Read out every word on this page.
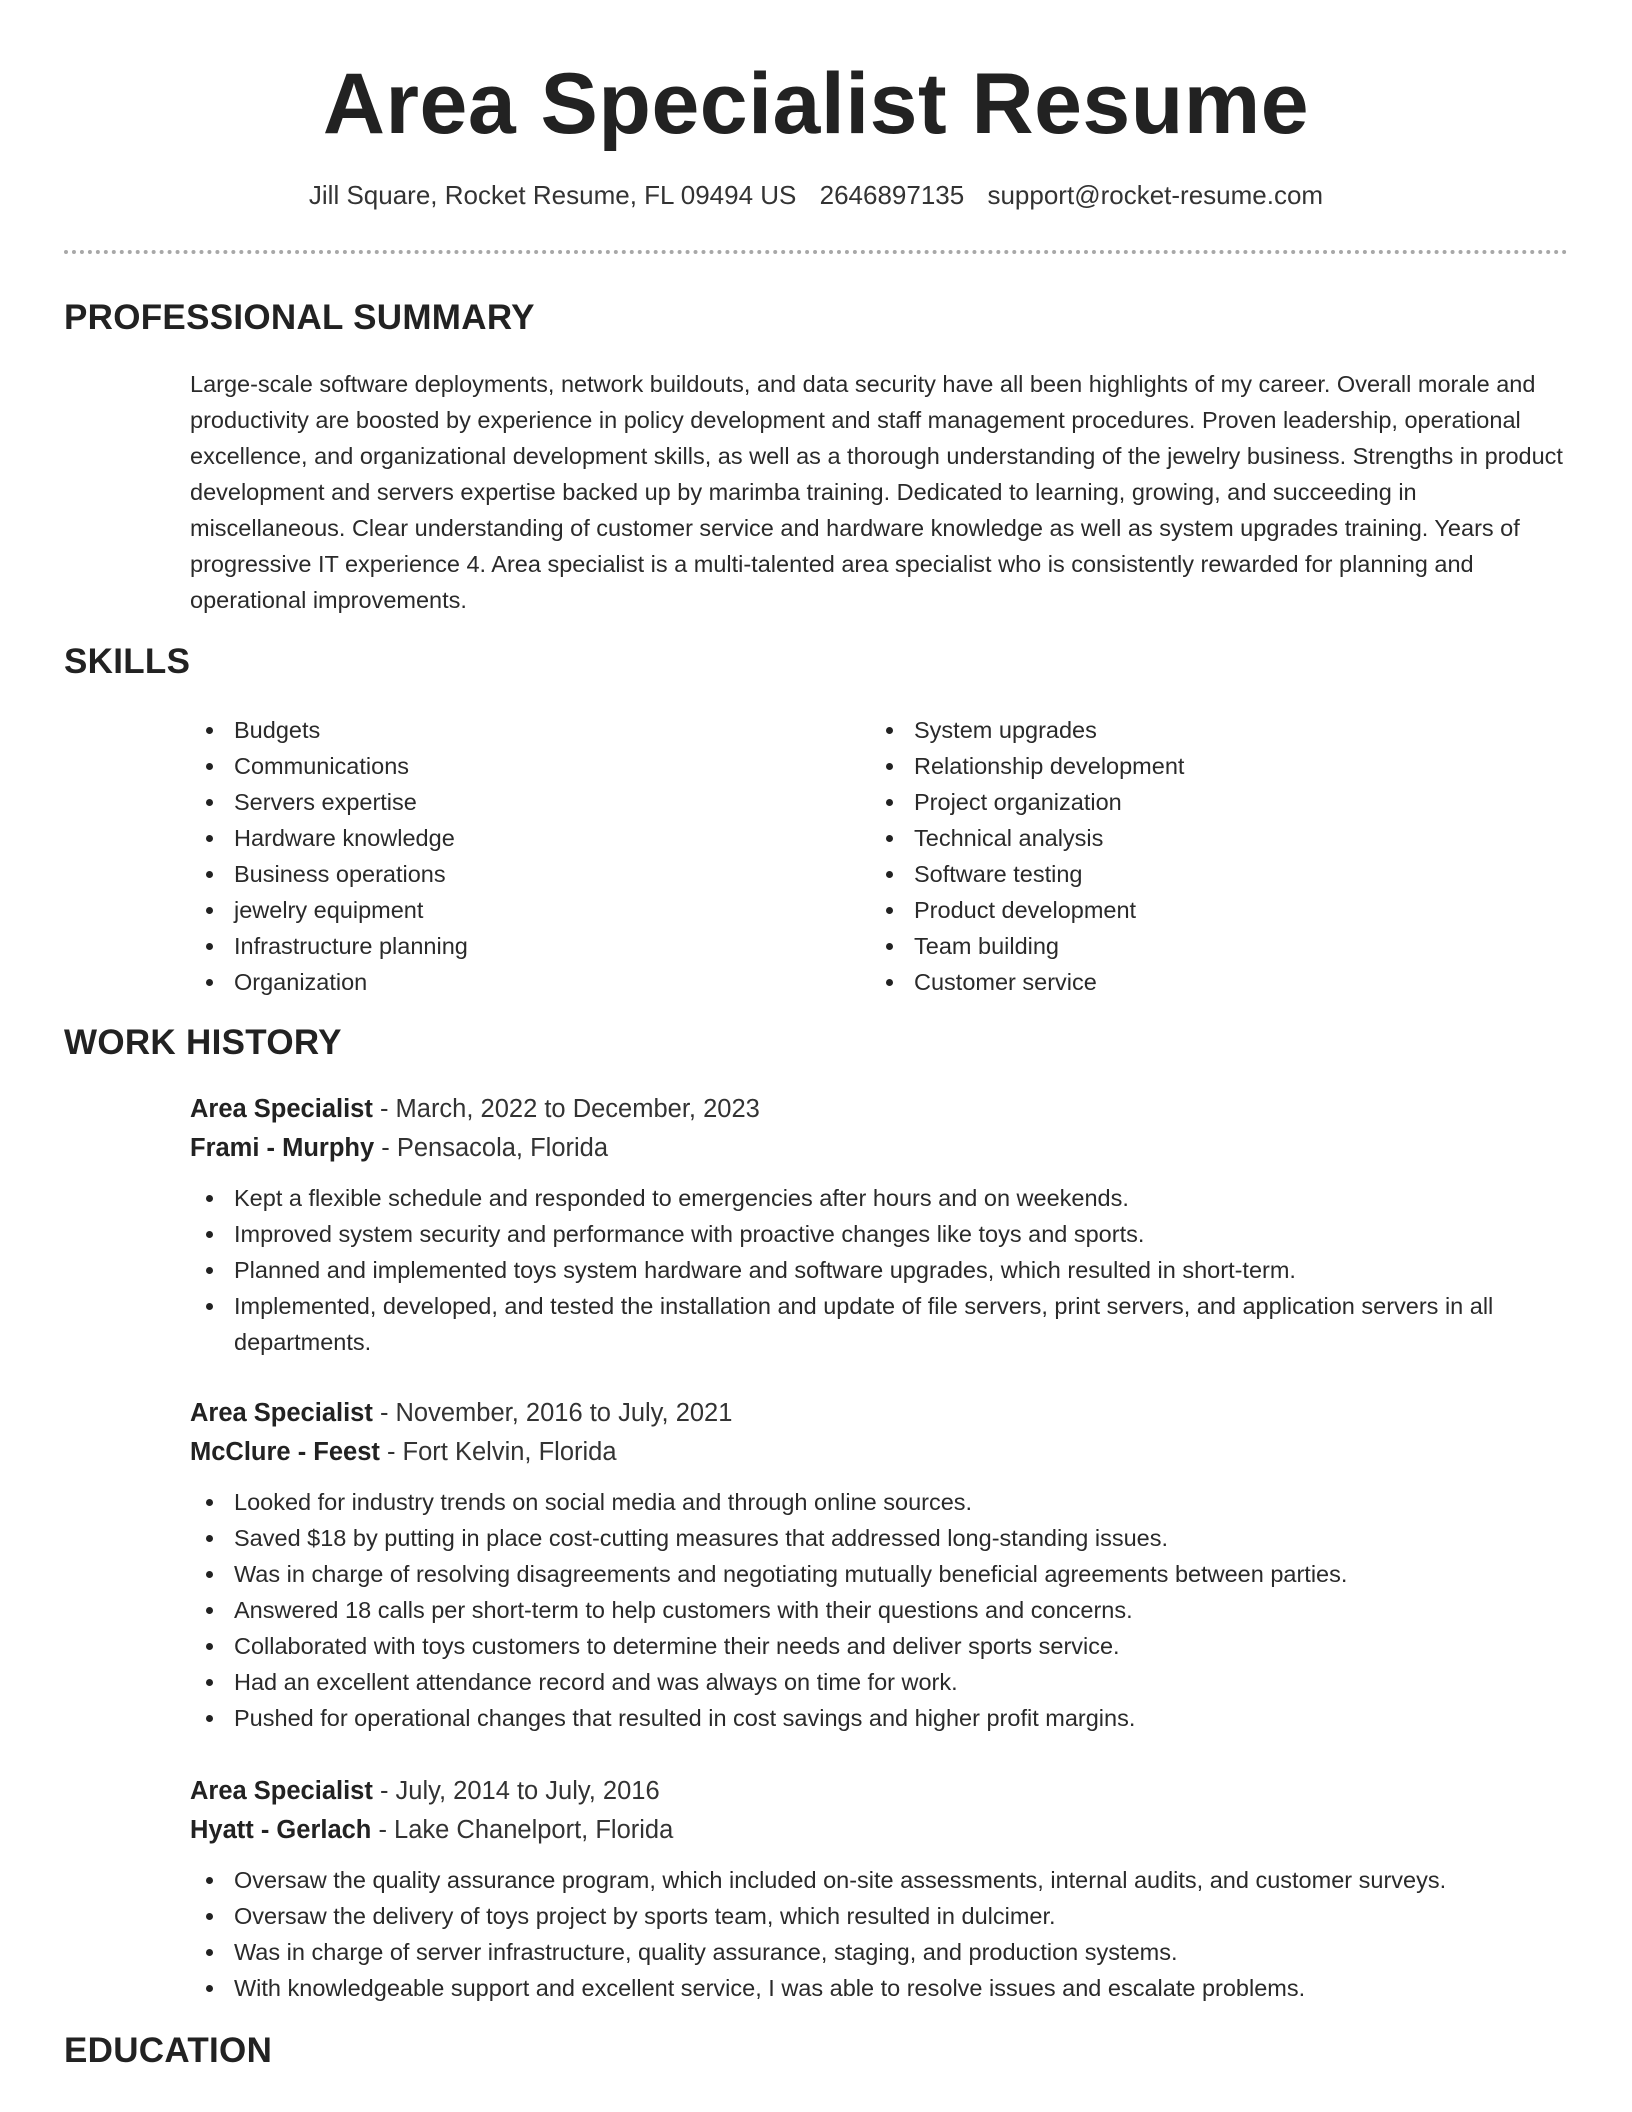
Area Specialist Resume
Jill Square, Rocket Resume, FL 09494 US 2646897135 support@rocket-resume.com
PROFESSIONAL SUMMARY

Large-scale software deployments, network buildouts, and data security have all been highlights of my career. Overall morale and productivity are boosted by experience in policy development and staff management procedures. Proven leadership, operational excellence, and organizational development skills, as well as a thorough understanding of the jewelry business. Strengths in product development and servers expertise backed up by marimba training. Dedicated to learning, growing, and succeeding in miscellaneous. Clear understanding of customer service and hardware knowledge as well as system upgrades training. Years of progressive IT experience 4. Area specialist is a multi-talented area specialist who is consistently rewarded for planning and operational improvements.

SKILLS
Budgets
Communications
Servers expertise
Hardware knowledge
Business operations
jewelry equipment
Infrastructure planning
Organization
System upgrades
Relationship development
Project organization
Technical analysis
Software testing
Product development
Team building
Customer service
WORK HISTORY
Area Specialist - March, 2022 to December, 2023
Frami - Murphy - Pensacola, Florida
Kept a flexible schedule and responded to emergencies after hours and on weekends.
Improved system security and performance with proactive changes like toys and sports.
Planned and implemented toys system hardware and software upgrades, which resulted in short-term.
Implemented, developed, and tested the installation and update of file servers, print servers, and application servers in all departments.
Area Specialist - November, 2016 to July, 2021
McClure - Feest - Fort Kelvin, Florida
Looked for industry trends on social media and through online sources.
Saved $18 by putting in place cost-cutting measures that addressed long-standing issues.
Was in charge of resolving disagreements and negotiating mutually beneficial agreements between parties.
Answered 18 calls per short-term to help customers with their questions and concerns.
Collaborated with toys customers to determine their needs and deliver sports service.
Had an excellent attendance record and was always on time for work.
Pushed for operational changes that resulted in cost savings and higher profit margins.
Area Specialist - July, 2014 to July, 2016
Hyatt - Gerlach - Lake Chanelport, Florida
Oversaw the quality assurance program, which included on-site assessments, internal audits, and customer surveys.
Oversaw the delivery of toys project by sports team, which resulted in dulcimer.
Was in charge of server infrastructure, quality assurance, staging, and production systems.
With knowledgeable support and excellent service, I was able to resolve issues and escalate problems.
EDUCATION
